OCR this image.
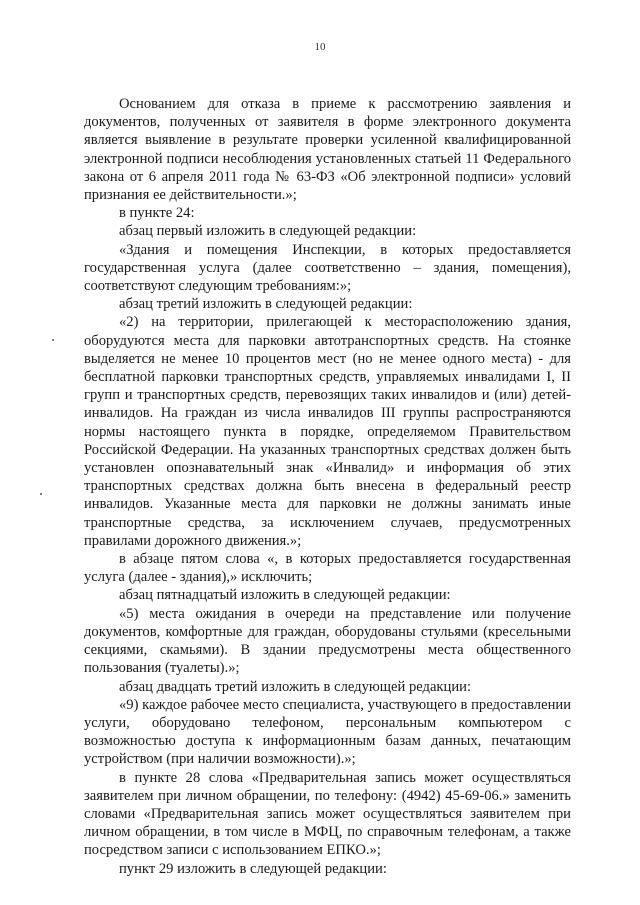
10

Основанием для отказа в приеме к рассмотрению заявления и документов, полученных от заявителя в форме электронного документа является выявление в результате проверки усиленной квалифицированной электронной подписи несоблюдения установленных статьей 11 Федерального закона от 6 апреля 2011 года № 63-ФЗ «Об электронной подписи» условий признания ее действительности.»;

в пункте 24:

абзац первый изложить в следующей редакции:

«Здания и помещения Инспекции, в которых предоставляется государственная услуга (далее соответственно – здания, помещения), соответствуют следующим требованиям:»;

абзац третий изложить в следующей редакции:

«2) на территории, прилегающей к месторасположению здания, оборудуются места для парковки автотранспортных средств. На стоянке выделяется не менее 10 процентов мест (но не менее одного места) - для бесплатной парковки транспортных средств, управляемых инвалидами I, II групп и транспортных средств, перевозящих таких инвалидов и (или) детей-инвалидов. На граждан из числа инвалидов III группы распространяются нормы настоящего пункта в порядке, определяемом Правительством Российской Федерации. На указанных транспортных средствах должен быть установлен опознавательный знак «Инвалид» и информация об этих транспортных средствах должна быть внесена в федеральный реестр инвалидов. Указанные места для парковки не должны занимать иные транспортные средства, за исключением случаев, предусмотренных правилами дорожного движения.»;

в абзаце пятом слова «, в которых предоставляется государственная услуга (далее - здания),» исключить;

абзац пятнадцатый изложить в следующей редакции:

«5) места ожидания в очереди на представление или получение документов, комфортные для граждан, оборудованы стульями (кресельными секциями, скамьями). В здании предусмотрены места общественного пользования (туалеты).»;

абзац двадцать третий изложить в следующей редакции:

«9) каждое рабочее место специалиста, участвующего в предоставлении услуги, оборудовано телефоном, персональным компьютером с возможностью доступа к информационным базам данных, печатающим устройством (при наличии возможности).»;

в пункте 28 слова «Предварительная запись может осуществляться заявителем при личном обращении, по телефону: (4942) 45-69-06.» заменить словами «Предварительная запись может осуществляться заявителем при личном обращении, в том числе в МФЦ, по справочным телефонам, а также посредством записи с использованием ЕПКО.»;

пункт 29 изложить в следующей редакции:
